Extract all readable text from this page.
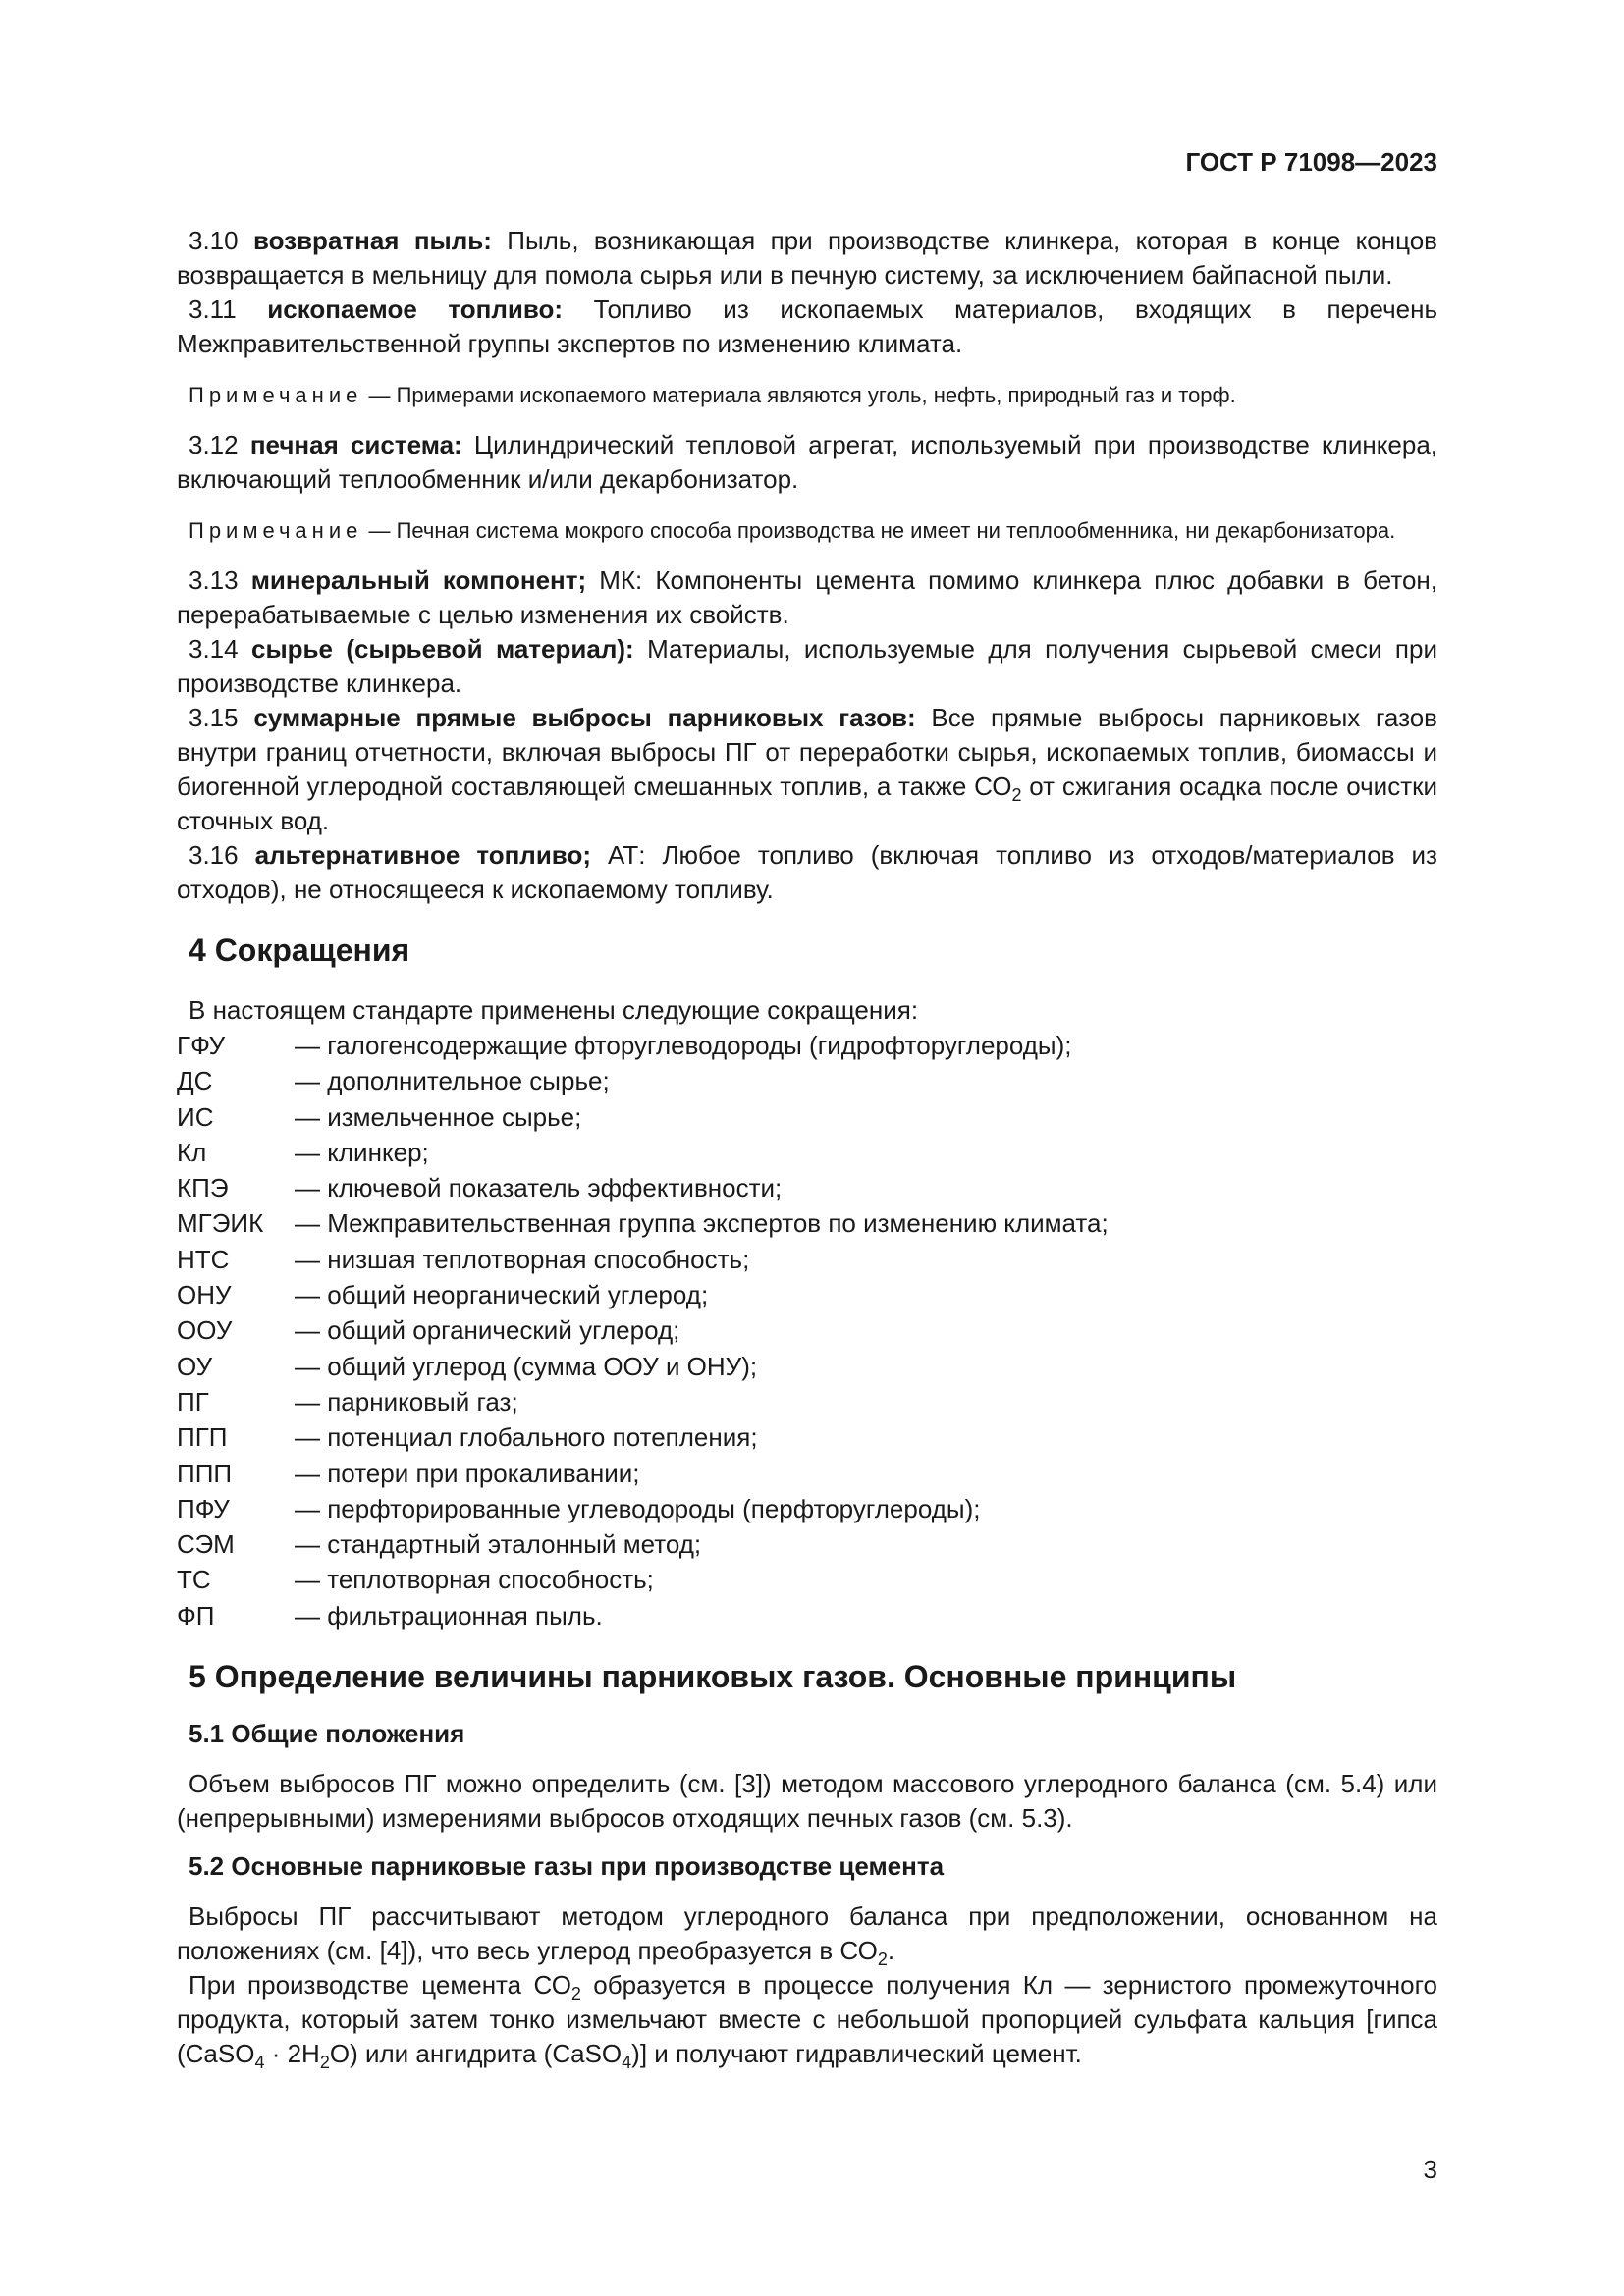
ГОСТ Р 71098—2023

3.10 возвратная пыль: Пыль, возникающая при производстве клинкера, которая в конце концов возвращается в мельницу для помола сырья или в печную систему, за исключением байпасной пыли.

3.11 ископаемое топливо: Топливо из ископаемых материалов, входящих в перечень Межправительственной группы экспертов по изменению климата.

Примечание — Примерами ископаемого материала являются уголь, нефть, природный газ и торф.

3.12 печная система: Цилиндрический тепловой агрегат, используемый при производстве клинкера, включающий теплообменник и/или декарбонизатор.

Примечание — Печная система мокрого способа производства не имеет ни теплообменника, ни декарбонизатора.

3.13 минеральный компонент; МК: Компоненты цемента помимо клинкера плюс добавки в бетон, перерабатываемые с целью изменения их свойств.

3.14 сырье (сырьевой материал): Материалы, используемые для получения сырьевой смеси при производстве клинкера.

3.15 суммарные прямые выбросы парниковых газов: Все прямые выбросы парниковых газов внутри границ отчетности, включая выбросы ПГ от переработки сырья, ископаемых топлив, биомассы и биогенной углеродной составляющей смешанных топлив, а также $СО_2$ от сжигания осадка после очистки сточных вод.

3.16 альтернативное топливо; АТ: Любое топливо (включая топливо из отходов/материалов из отходов), не относящееся к ископаемому топливу.

4 Сокращения

В настоящем стандарте применены следующие сокращения:

ГФУ	— галогенсодержащие фторуглеводороды (гидрофторуглероды);
ДС	— дополнительное сырье;
ИС	— измельченное сырье;
Кл	— клинкер;
КПЭ	— ключевой показатель эффективности;
МГЭИК	— Межправительственная группа экспертов по изменению климата;
НТС	— низшая теплотворная способность;
ОНУ	— общий неорганический углерод;
ООУ	— общий органический углерод;
ОУ	— общий углерод (сумма ООУ и ОНУ);
ПГ	— парниковый газ;
ПГП	— потенциал глобального потепления;
ППП	— потери при прокаливании;
ПФУ	— перфторированные углеводороды (перфторуглероды);
СЭМ	— стандартный эталонный метод;
ТС	— теплотворная способность;
ФП	— фильтрационная пыль.
5 Определение величины парниковых газов. Основные принципы
5.1 Общие положения

Объем выбросов ПГ можно определить (см. [3]) методом массового углеродного баланса (см. 5.4) или (непрерывными) измерениями выбросов отходящих печных газов (см. 5.3).

5.2 Основные парниковые газы при производстве цемента

Выбросы ПГ рассчитывают методом углеродного баланса при предположении, основанном на положениях (см. [4]), что весь углерод преобразуется в $СО_2$.

При производстве цемента $СО_2$ образуется в процессе получения Кл — зернистого промежуточного продукта, который затем тонко измельчают вместе с небольшой пропорцией сульфата кальция [гипса (CaSO$_4$ · $2H_2O$) или ангидрита (CaSO$_4$)] и получают гидравлический цемент.

3
